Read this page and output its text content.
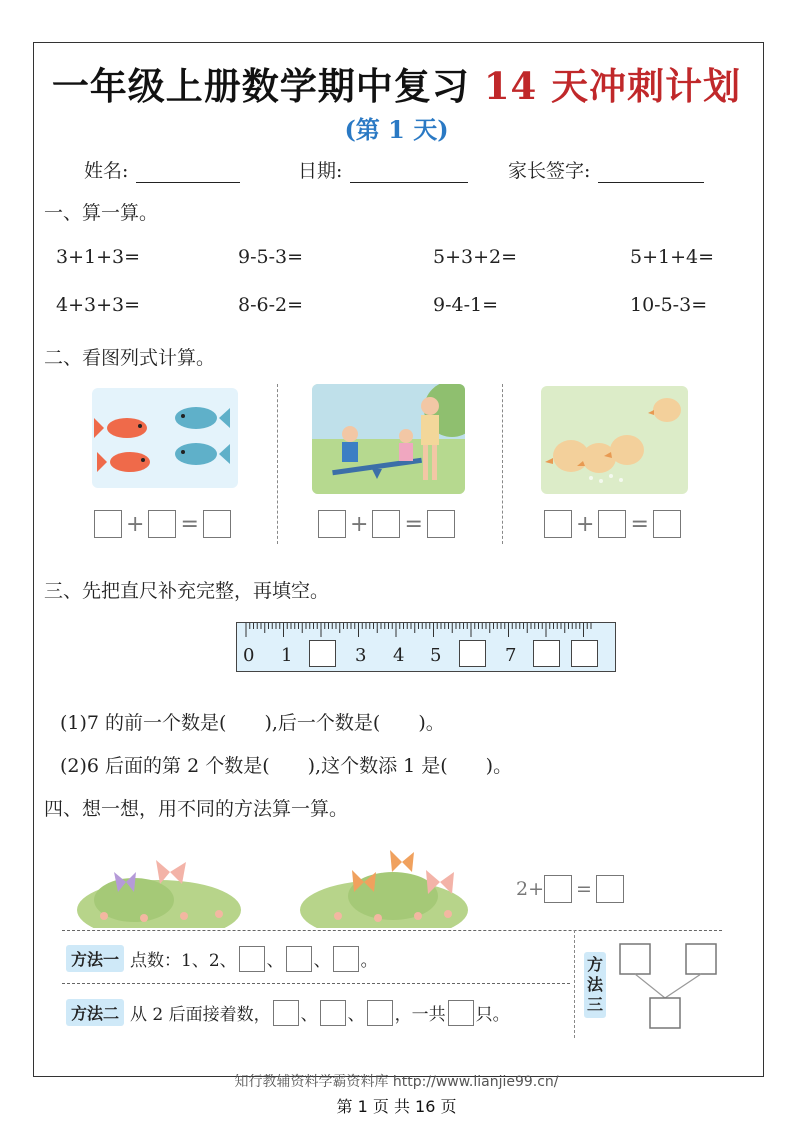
一年级上册数学期中复习 14 天冲刺计划
(第 1 天)
姓名:	日期:	家长签字:
一、算一算。
3+1+3=	9-5-3=	5+3+2=	5+1+4=
4+3+3=	8-6-2=	9-4-1=	10-5-3=
二、看图列式计算。
+ =	+ =	+ =
三、先把直尺补充完整，再填空。
0 1	3 4 5	7
(1)7 的前一个数是(　　),后一个数是(　　)。
(2)6 后面的第 2 个数是(　　),这个数添 1 是(　　)。
四、想一想，用不同的方法算一算。
2+ =
方法一 点数：1、2、 、 、 。
方法二 从 2 后面接着数， 、 、 ，一共 只。
方法三
知行教辅资料学霸资料库 http://www.lianjie99.cn/
第 1 页 共 16 页
